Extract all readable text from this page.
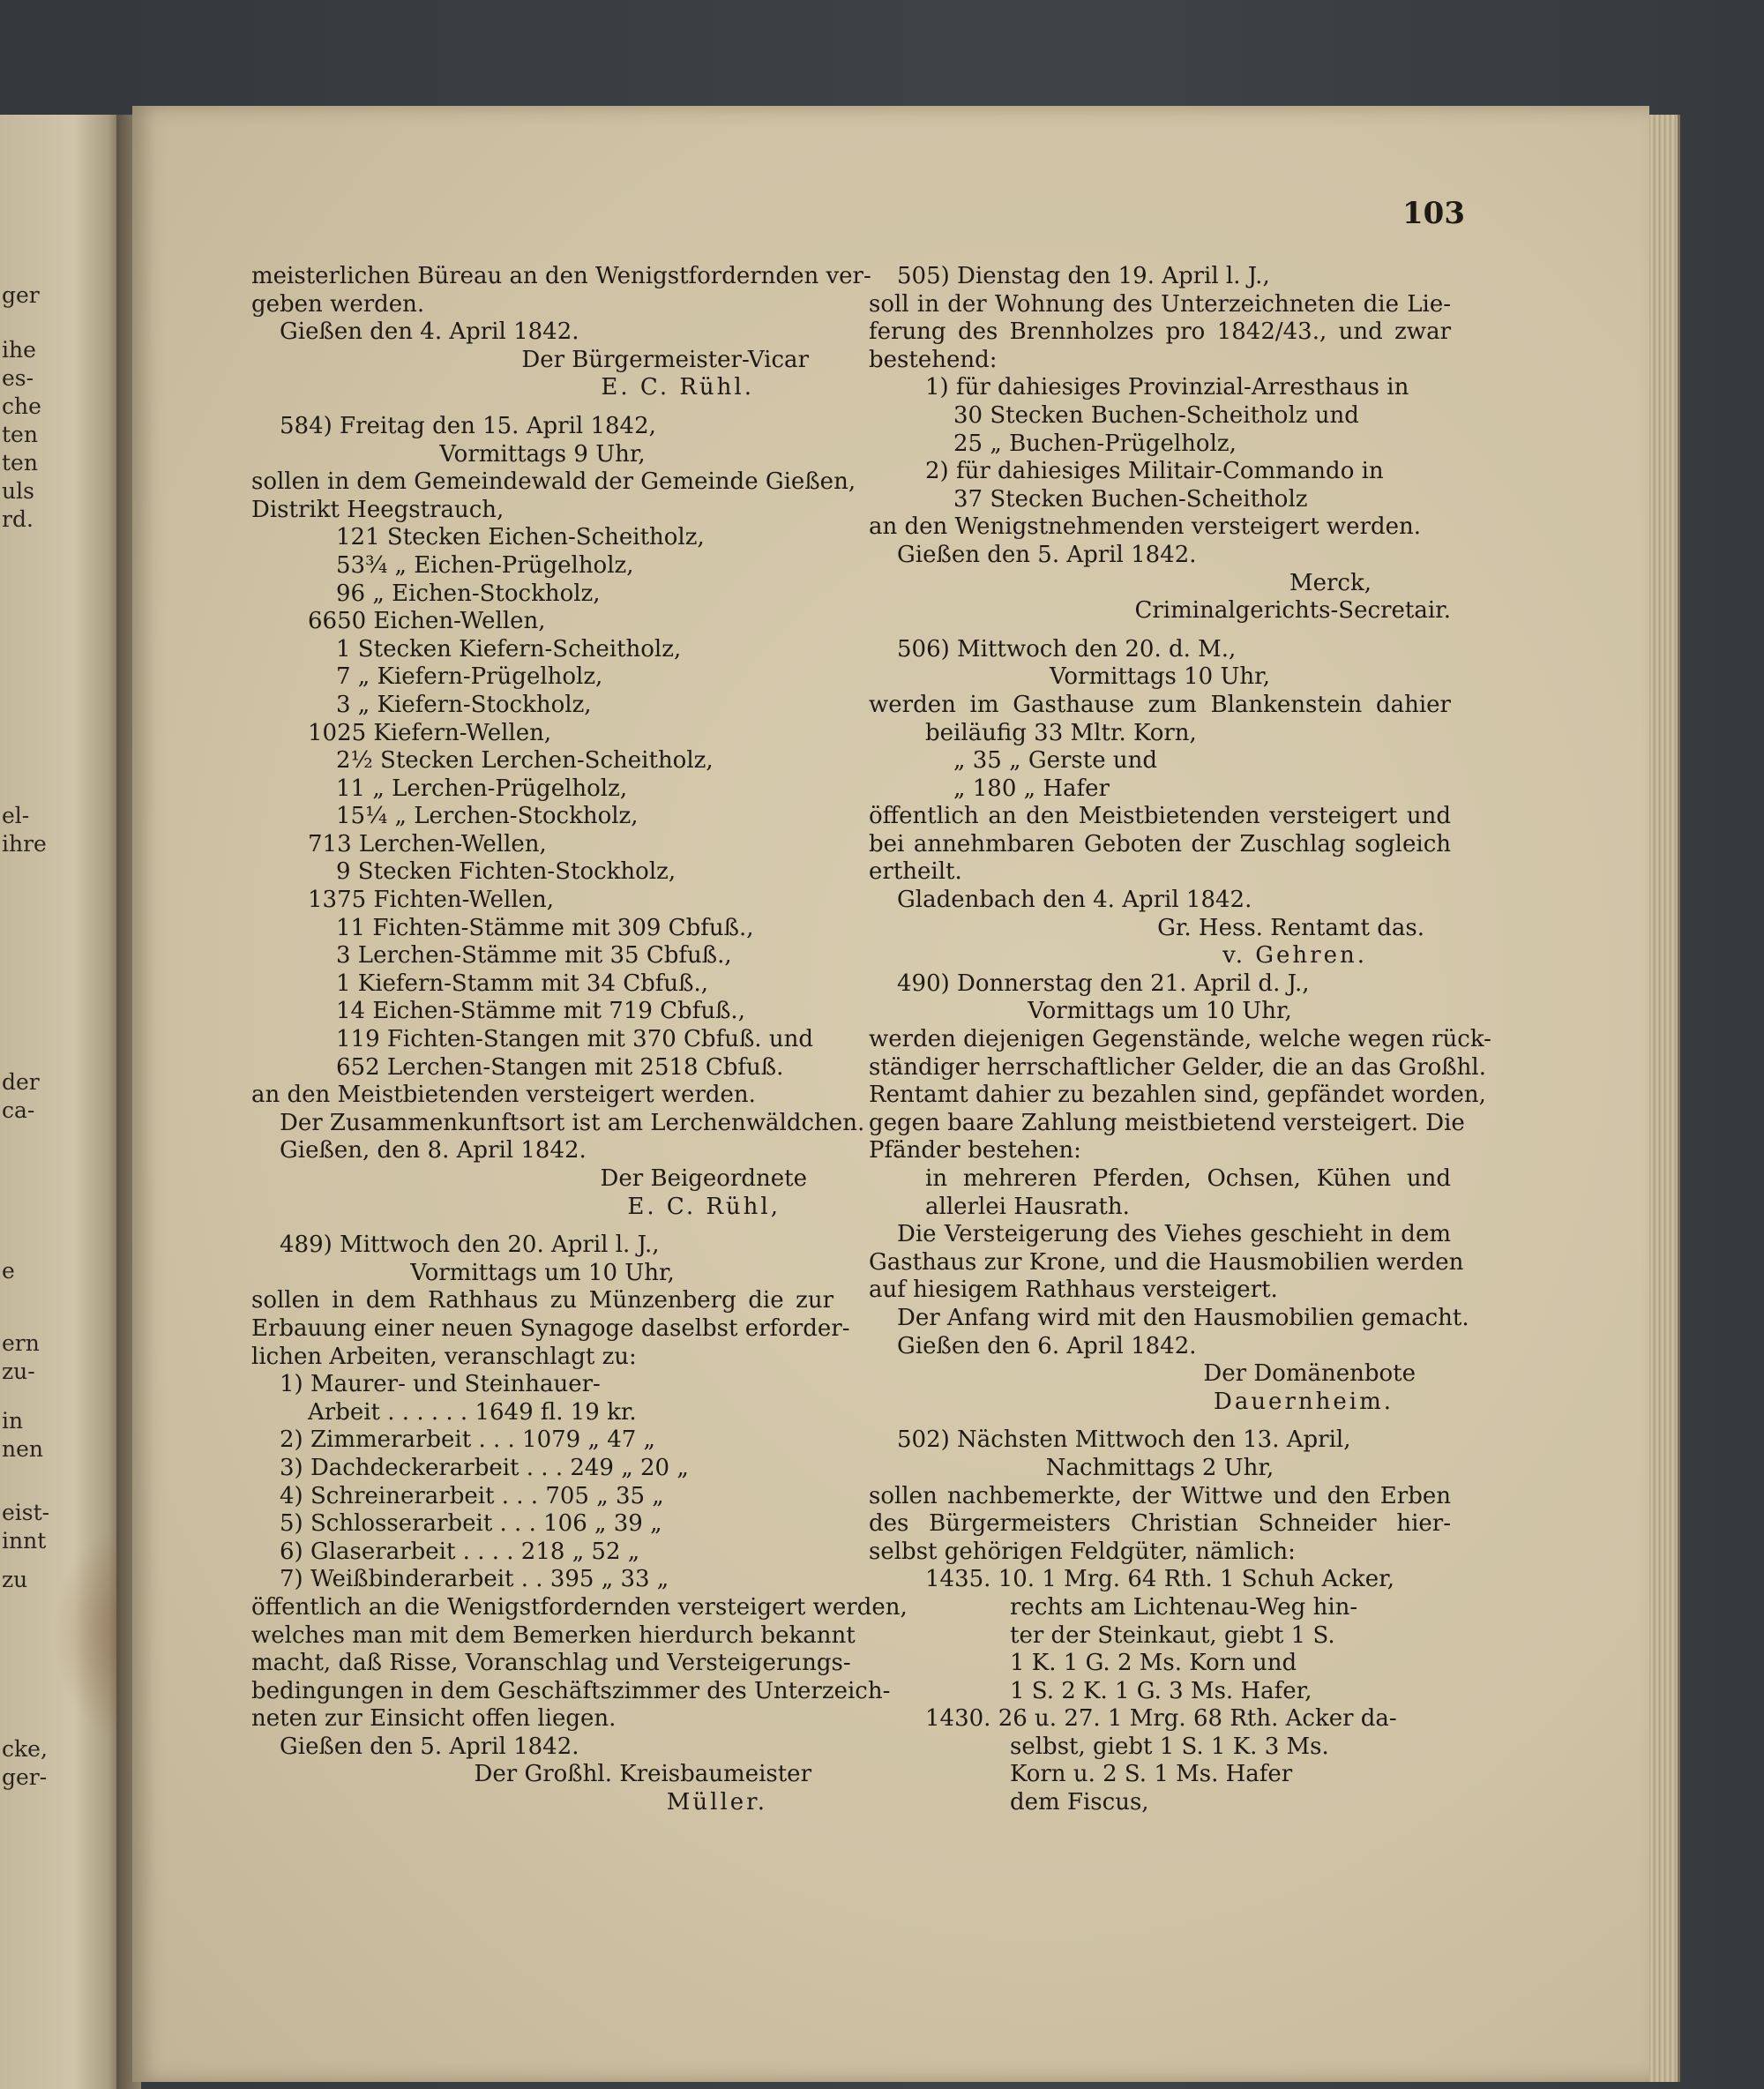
ger
ihe
es-
che
ten
ten
uls
rd.
el-
ihre
der
ca-
e
ern
zu-
in
nen
eist-
innt
zu
cke,
ger-
103
meisterlichen Büreau an den Wenigstfordernden ver-
geben werden.
Gießen den 4. April 1842.
Der Bürgermeister-Vicar
E. C. Rühl.
584) Freitag den 15. April 1842,
Vormittags 9 Uhr,
sollen in dem Gemeindewald der Gemeinde Gießen,
Distrikt Heegstrauch,
121 Stecken Eichen-Scheitholz,
53¾ „ Eichen-Prügelholz,
96 „ Eichen-Stockholz,
6650 Eichen-Wellen,
1 Stecken Kiefern-Scheitholz,
7 „ Kiefern-Prügelholz,
3 „ Kiefern-Stockholz,
1025 Kiefern-Wellen,
2½ Stecken Lerchen-Scheitholz,
11 „ Lerchen-Prügelholz,
15¼ „ Lerchen-Stockholz,
713 Lerchen-Wellen,
9 Stecken Fichten-Stockholz,
1375 Fichten-Wellen,
11 Fichten-Stämme mit 309 Cbfuß.,
3 Lerchen-Stämme mit 35 Cbfuß.,
1 Kiefern-Stamm mit 34 Cbfuß.,
14 Eichen-Stämme mit 719 Cbfuß.,
119 Fichten-Stangen mit 370 Cbfuß. und
652 Lerchen-Stangen mit 2518 Cbfuß.
an den Meistbietenden versteigert werden.
Der Zusammenkunftsort ist am Lerchenwäldchen.
Gießen, den 8. April 1842.
Der Beigeordnete
E. C. Rühl,
489) Mittwoch den 20. April l. J.,
Vormittags um 10 Uhr,
sollen in dem Rathhaus zu Münzenberg die zur
Erbauung einer neuen Synagoge daselbst erforder-
lichen Arbeiten, veranschlagt zu:
1) Maurer- und Steinhauer-
Arbeit . . . . . . 1649 fl. 19 kr.
2) Zimmerarbeit . . . 1079 „ 47 „
3) Dachdeckerarbeit . . . 249 „ 20 „
4) Schreinerarbeit . . . 705 „ 35 „
5) Schlosserarbeit . . . 106 „ 39 „
6) Glaserarbeit . . . . 218 „ 52 „
7) Weißbinderarbeit . . 395 „ 33 „
öffentlich an die Wenigstfordernden versteigert werden,
welches man mit dem Bemerken hierdurch bekannt
macht, daß Risse, Voranschlag und Versteigerungs-
bedingungen in dem Geschäftszimmer des Unterzeich-
neten zur Einsicht offen liegen.
Gießen den 5. April 1842.
Der Großhl. Kreisbaumeister
Müller.
505) Dienstag den 19. April l. J.,
soll in der Wohnung des Unterzeichneten die Lie-
ferung des Brennholzes pro 1842/43., und zwar
bestehend:
1) für dahiesiges Provinzial-Arresthaus in
30 Stecken Buchen-Scheitholz und
25 „ Buchen-Prügelholz,
2) für dahiesiges Militair-Commando in
37 Stecken Buchen-Scheitholz
an den Wenigstnehmenden versteigert werden.
Gießen den 5. April 1842.
Merck,
Criminalgerichts-Secretair.
506) Mittwoch den 20. d. M.,
Vormittags 10 Uhr,
werden im Gasthause zum Blankenstein dahier
beiläufig 33 Mltr. Korn,
„ 35 „ Gerste und
„ 180 „ Hafer
öffentlich an den Meistbietenden versteigert und
bei annehmbaren Geboten der Zuschlag sogleich
ertheilt.
Gladenbach den 4. April 1842.
Gr. Hess. Rentamt das.
v. Gehren.
490) Donnerstag den 21. April d. J.,
Vormittags um 10 Uhr,
werden diejenigen Gegenstände, welche wegen rück-
ständiger herrschaftlicher Gelder, die an das Großhl.
Rentamt dahier zu bezahlen sind, gepfändet worden,
gegen baare Zahlung meistbietend versteigert. Die
Pfänder bestehen:
in mehreren Pferden, Ochsen, Kühen und
allerlei Hausrath.
Die Versteigerung des Viehes geschieht in dem
Gasthaus zur Krone, und die Hausmobilien werden
auf hiesigem Rathhaus versteigert.
Der Anfang wird mit den Hausmobilien gemacht.
Gießen den 6. April 1842.
Der Domänenbote
Dauernheim.
502) Nächsten Mittwoch den 13. April,
Nachmittags 2 Uhr,
sollen nachbemerkte, der Wittwe und den Erben
des Bürgermeisters Christian Schneider hier-
selbst gehörigen Feldgüter, nämlich:
1435. 10. 1 Mrg. 64 Rth. 1 Schuh Acker,
rechts am Lichtenau-Weg hin-
ter der Steinkaut, giebt 1 S.
1 K. 1 G. 2 Ms. Korn und
1 S. 2 K. 1 G. 3 Ms. Hafer,
1430. 26 u. 27. 1 Mrg. 68 Rth. Acker da-
selbst, giebt 1 S. 1 K. 3 Ms.
Korn u. 2 S. 1 Ms. Hafer
dem Fiscus,
